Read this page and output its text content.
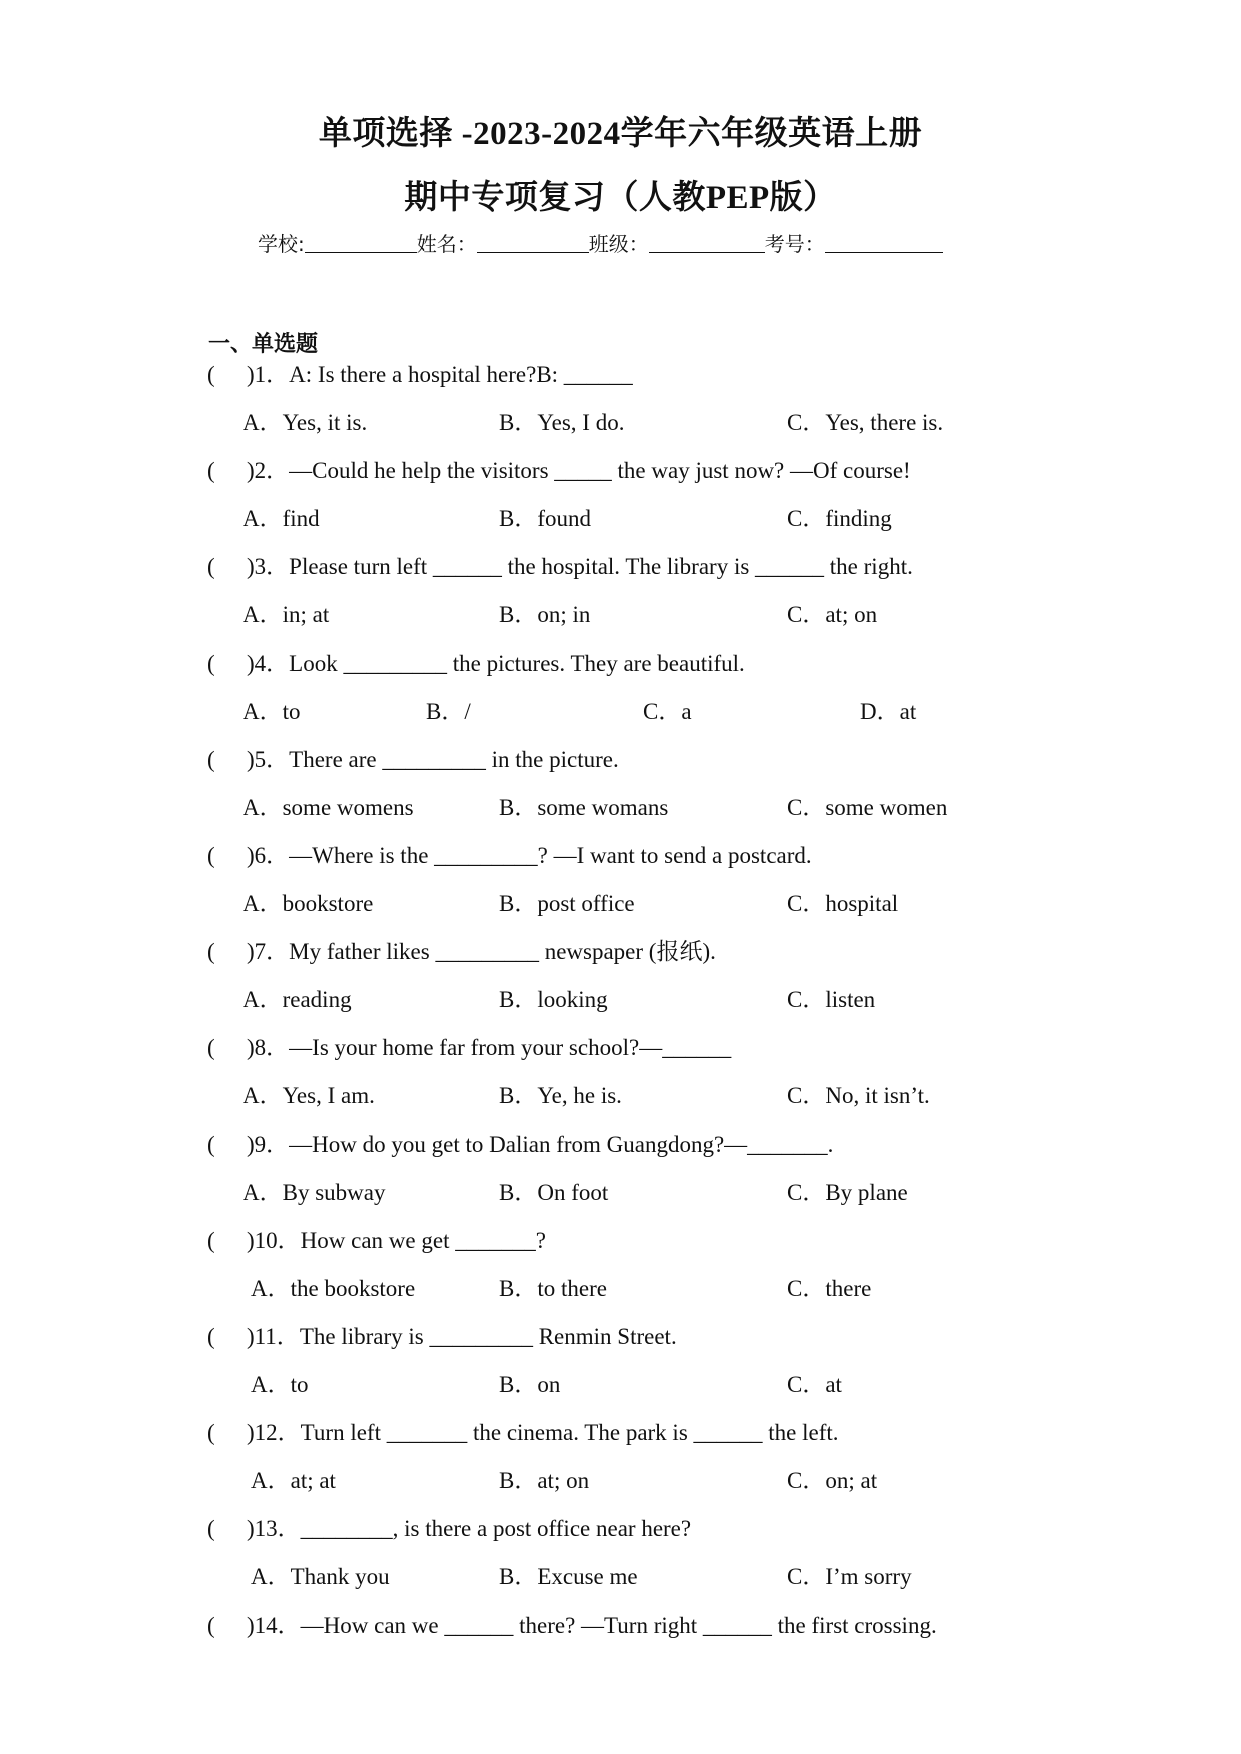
单项选择 -2023-2024学年六年级英语上册
期中专项复习（人教PEP版）
学校:	姓名：	班级：	考号：
一、单选题
( )1．A: Is there a hospital here?B: ______
A．Yes, it is.	B．Yes, I do.	C．Yes, there is.
( )2．—Could he help the visitors _____ the way just now? —Of course!
A．find	B．found	C．finding
( )3．Please turn left ______ the hospital. The library is ______ the right.
A．in; at	B．on; in	C．at; on
( )4．Look _________ the pictures. They are beautiful.
A．to	B．/	C．a	D．at
( )5．There are _________ in the picture.
A．some womens	B．some womans	C．some women
( )6．—Where is the _________? —I want to send a postcard.
A．bookstore	B．post office	C．hospital
( )7．My father likes _________ newspaper (报纸).
A．reading	B．looking	C．listen
( )8．—Is your home far from your school?—______
A．Yes, I am.	B．Ye, he is.	C．No, it isn’t.
( )9．—How do you get to Dalian from Guangdong?—_______.
A．By subway	B．On foot	C．By plane
( )10．How can we get _______?
A．the bookstore	B．to there	C．there
( )11．The library is _________ Renmin Street.
A．to	B．on	C．at
( )12．Turn left _______ the cinema. The park is ______ the left.
A．at; at	B．at; on	C．on; at
( )13．________, is there a post office near here?
A．Thank you	B．Excuse me	C．I’m sorry
( )14．—How can we ______ there? —Turn right ______ the first crossing.
